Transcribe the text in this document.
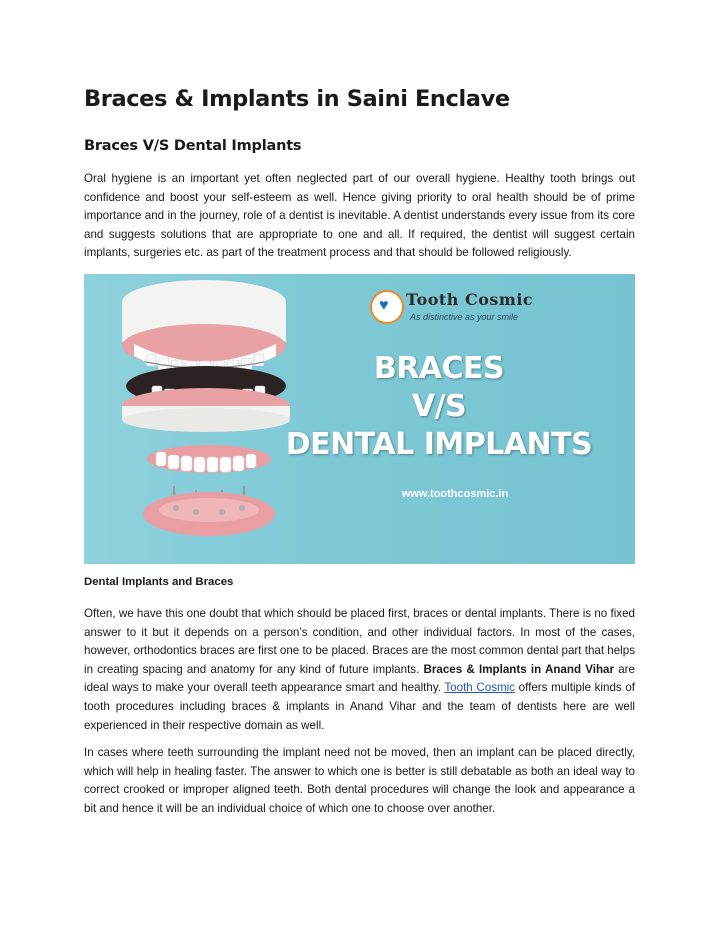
Braces & Implants in Saini Enclave
Braces V/S Dental Implants

Oral hygiene is an important yet often neglected part of our overall hygiene. Healthy tooth brings out confidence and boost your self-esteem as well. Hence giving priority to oral health should be of prime importance and in the journey, role of a dentist is inevitable. A dentist understands every issue from its core and suggests solutions that are appropriate to one and all. If required, the dentist will suggest certain implants, surgeries etc. as part of the treatment process and that should be followed religiously.

Dental Implants and Braces

Often, we have this one doubt that which should be placed first, braces or dental implants. There is no fixed answer to it but it depends on a person’s condition, and other individual factors. In most of the cases, however, orthodontics braces are first one to be placed. Braces are the most common dental part that helps in creating spacing and anatomy for any kind of future implants. Braces & Implants in Anand Vihar are ideal ways to make your overall teeth appearance smart and healthy. Tooth Cosmic offers multiple kinds of tooth procedures including braces & implants in Anand Vihar and the team of dentists here are well experienced in their respective domain as well.

In cases where teeth surrounding the implant need not be moved, then an implant can be placed directly, which will help in healing faster. The answer to which one is better is still debatable as both an ideal way to correct crooked or improper aligned teeth. Both dental procedures will change the look and appearance a bit and hence it will be an individual choice of which one to choose over another.

♥ Tooth Cosmic
As distinctive as your smile
BRACES
V/S
DENTAL IMPLANTS
www.toothcosmic.in
